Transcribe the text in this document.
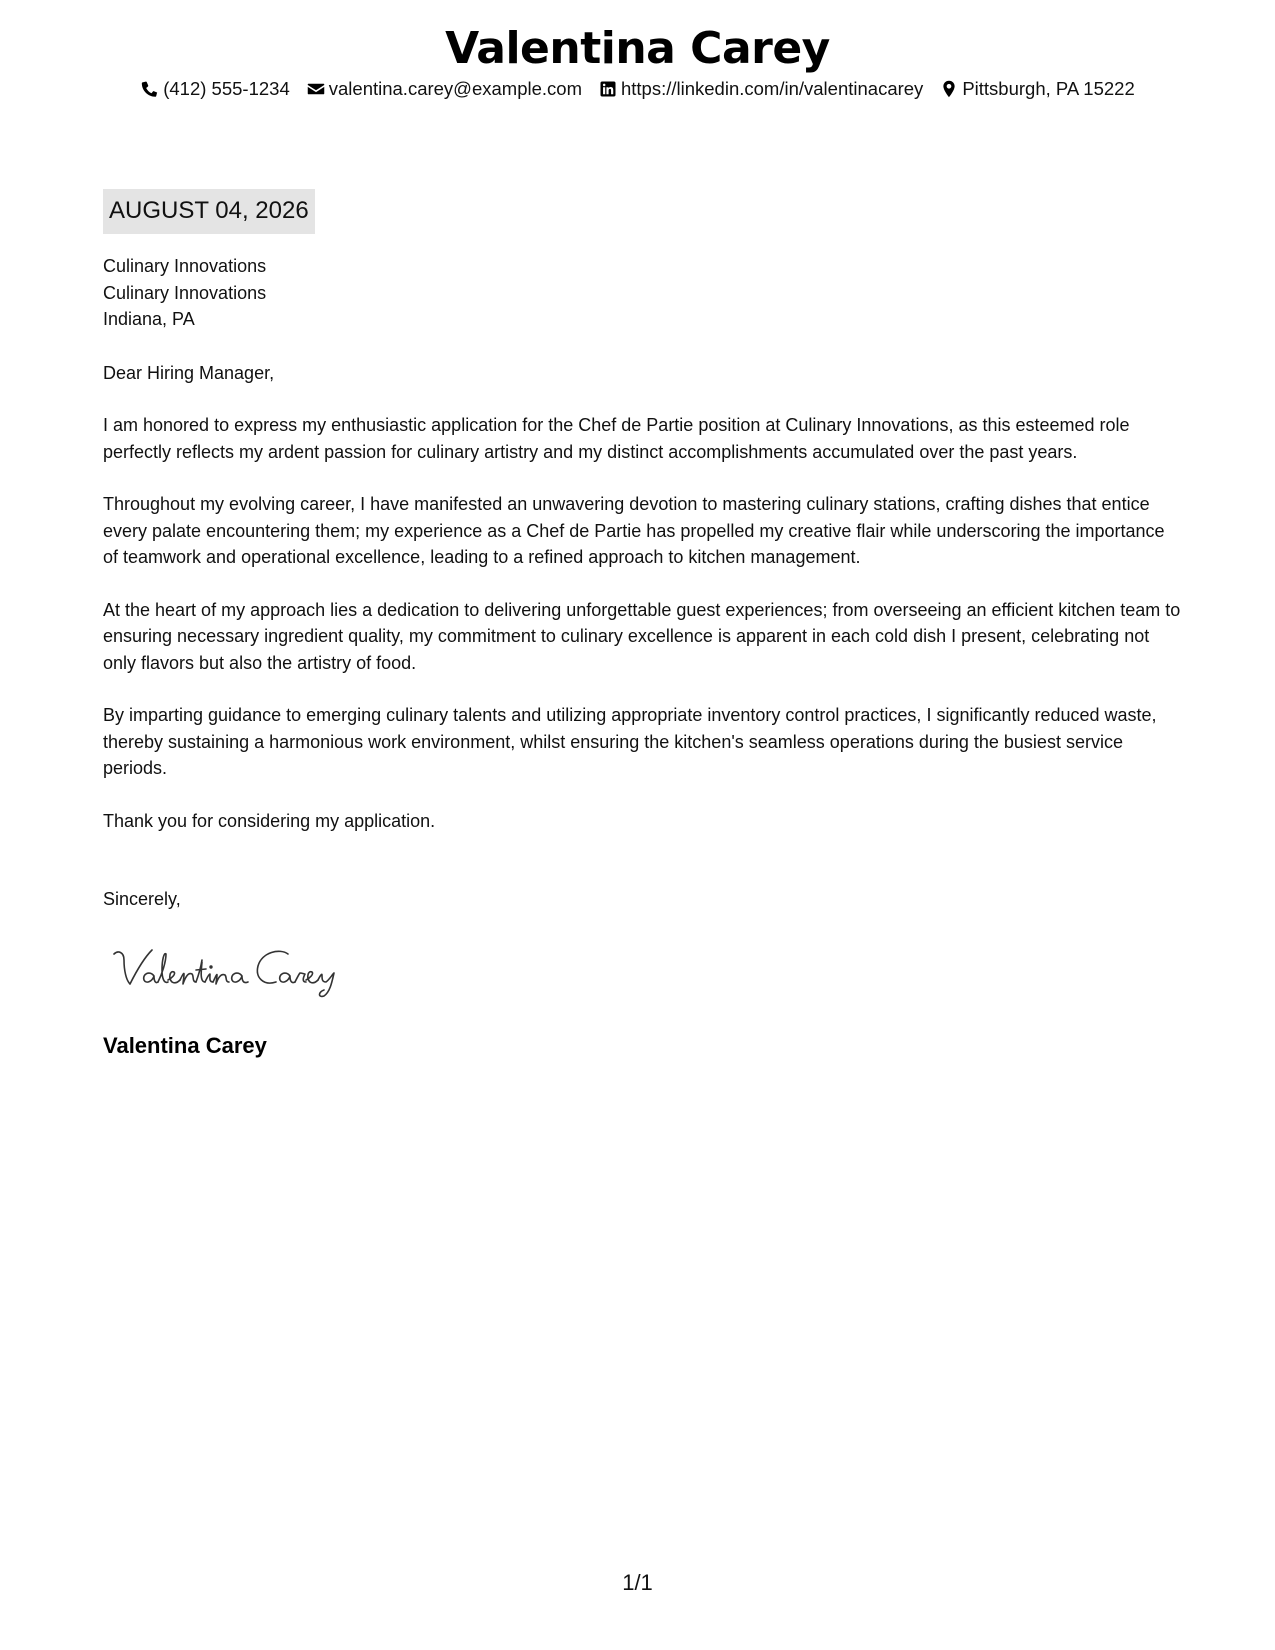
Valentina Carey
(412) 555-1234 valentina.carey@example.com https://linkedin.com/in/valentinacarey Pittsburgh, PA 15222
AUGUST 04, 2026
Culinary Innovations
Culinary Innovations
Indiana, PA
Dear Hiring Manager,
I am honored to express my enthusiastic application for the Chef de Partie position at Culinary Innovations, as this esteemed role perfectly reflects my ardent passion for culinary artistry and my distinct accomplishments accumulated over the past years.
Throughout my evolving career, I have manifested an unwavering devotion to mastering culinary stations, crafting dishes that entice every palate encountering them; my experience as a Chef de Partie has propelled my creative flair while underscoring the importance of teamwork and operational excellence, leading to a refined approach to kitchen management.
At the heart of my approach lies a dedication to delivering unforgettable guest experiences; from overseeing an efficient kitchen team to ensuring necessary ingredient quality, my commitment to culinary excellence is apparent in each cold dish I present, celebrating not only flavors but also the artistry of food.
By imparting guidance to emerging culinary talents and utilizing appropriate inventory control practices, I significantly reduced waste, thereby sustaining a harmonious work environment, whilst ensuring the kitchen's seamless operations during the busiest service periods.
Thank you for considering my application.
Sincerely,
Valentina Carey
1/1
